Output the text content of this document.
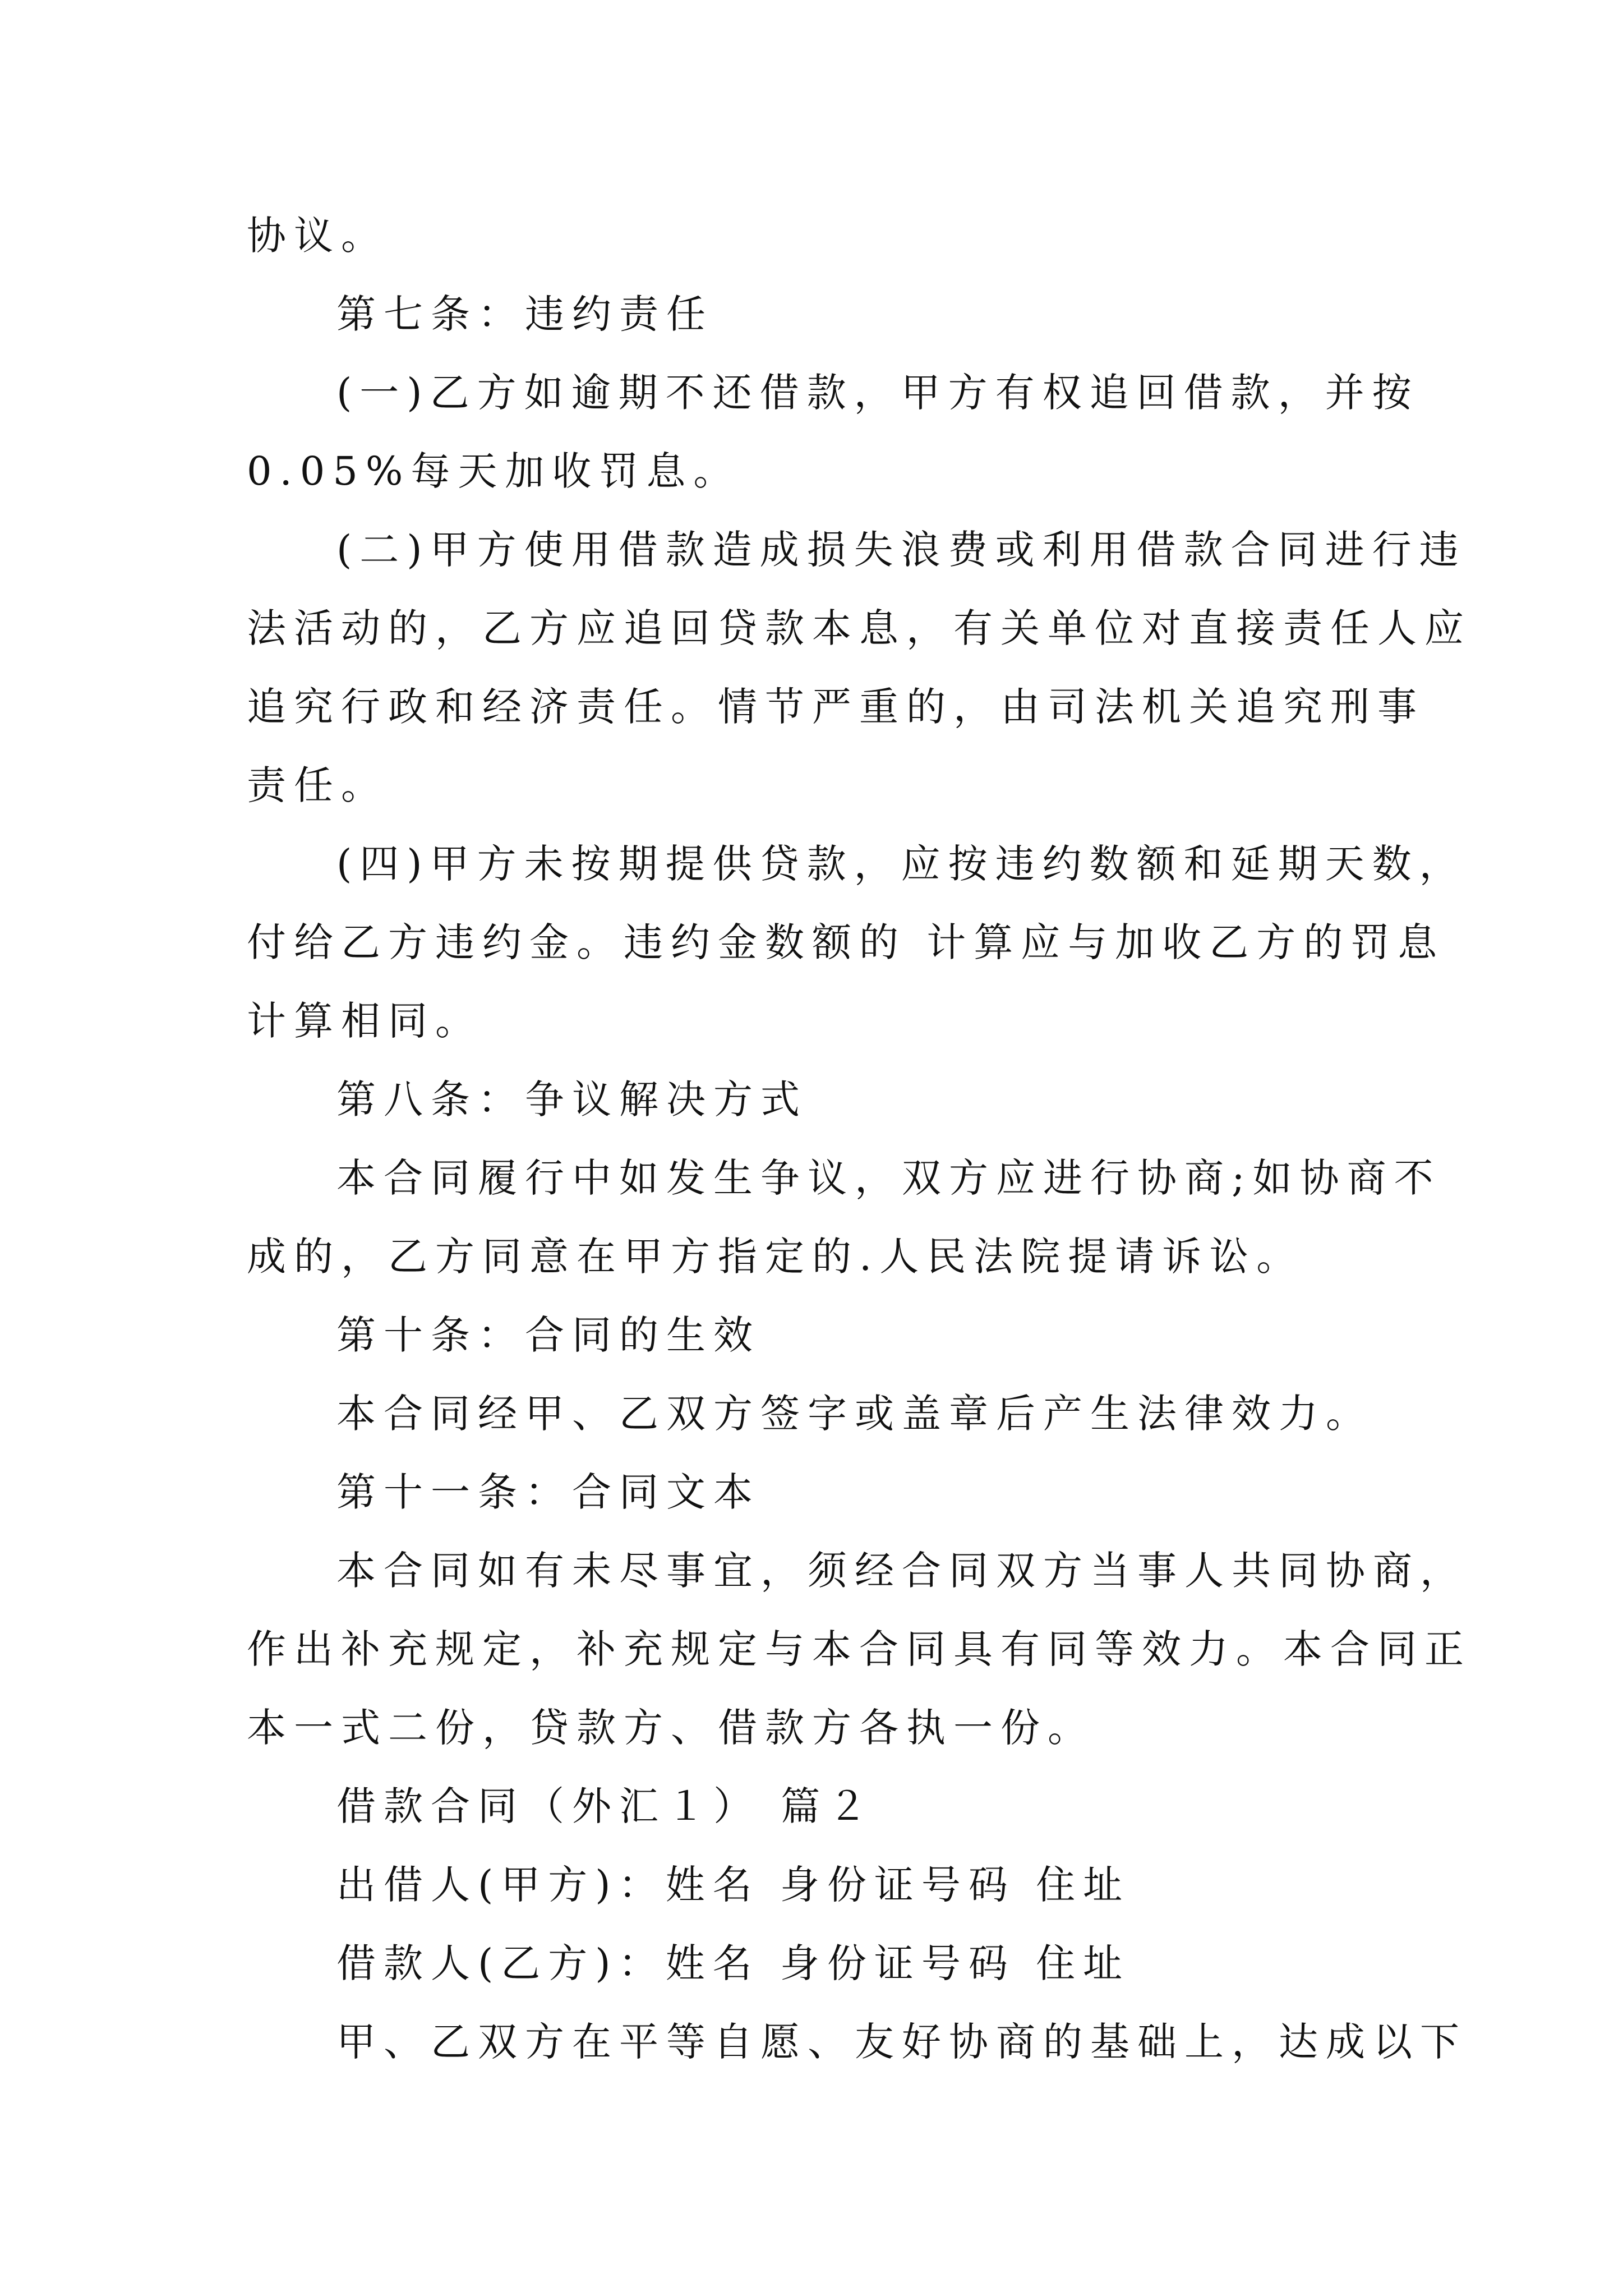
协议。
第七条：违约责任
(一)乙方如逾期不还借款，甲方有权追回借款，并按
0.05%每天加收罚息。
(二)甲方使用借款造成损失浪费或利用借款合同进行违
法活动的，乙方应追回贷款本息，有关单位对直接责任人应
追究行政和经济责任。情节严重的，由司法机关追究刑事
责任。
(四)甲方未按期提供贷款，应按违约数额和延期天数，
付给乙方违约金。违约金数额的 计算应与加收乙方的罚息
计算相同。
第八条：争议解决方式
本合同履行中如发生争议，双方应进行协商;如协商不
成的，乙方同意在甲方指定的.人民法院提请诉讼。
第十条：合同的生效
本合同经甲、乙双方签字或盖章后产生法律效力。
第十一条：合同文本
本合同如有未尽事宜，须经合同双方当事人共同协商，
作出补充规定，补充规定与本合同具有同等效力。本合同正
本一式二份，贷款方、借款方各执一份。
借款合同（外汇１） 篇２
出借人(甲方)：姓名 身份证号码 住址
借款人(乙方)：姓名 身份证号码 住址
甲、乙双方在平等自愿、友好协商的基础上，达成以下
